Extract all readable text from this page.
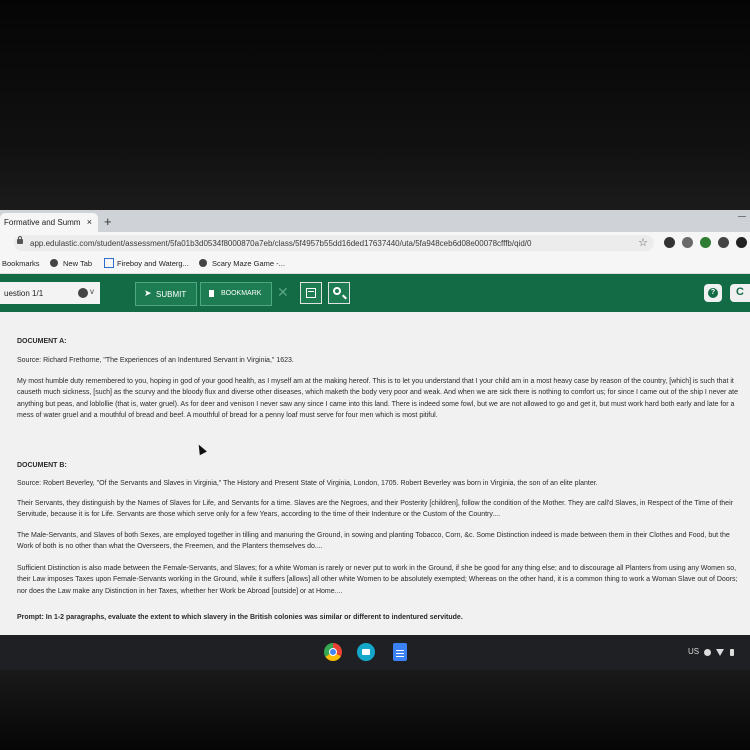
Formative and Summ × +
app.edulastic.com/student/assessment/5fa01b3d0534f8000870a7eb/class/5f4957b55dd16ded17637440/uta/5fa948ceb6d08e00078cfffb/qid/0	☆
Bookmarks	New Tab	Fireboy and Waterg...	Scary Maze Game -...
uestion 1/1	v	➤ SUBMIT	BOOKMARK ✕	? C
DOCUMENT A:
Source: Richard Frethorne, "The Experiences of an Indentured Servant in Virginia," 1623.
My most humble duty remembered to you, hoping in god of your good health, as I myself am at the making hereof. This is to let you understand that I your child am in a most heavy case by reason of the country, [which] is such that it causeth much sickness, [such] as the scurvy and the bloody flux and diverse other diseases, which maketh the body very poor and weak. And when we are sick there is nothing to comfort us; for since I came out of the ship I never ate anything but peas, and loblollie (that is, water gruel). As for deer and venison I never saw any since I came into this land. There is indeed some fowl, but we are not allowed to go and get it, but must work hard both early and late for a mess of water gruel and a mouthful of bread and beef. A mouthful of bread for a penny loaf must serve for four men which is most pitiful.
DOCUMENT B:
Source: Robert Beverley, "Of the Servants and Slaves in Virginia," The History and Present State of Virginia, London, 1705. Robert Beverley was born in Virginia, the son of an elite planter.
Their Servants, they distinguish by the Names of Slaves for Life, and Servants for a time. Slaves are the Negroes, and their Posterity [children], follow the condition of the Mother. They are call'd Slaves, in Respect of the Time of their Servitude, because it is for Life. Servants are those which serve only for a few Years, according to the time of their Indenture or the Custom of the Country....
The Male-Servants, and Slaves of both Sexes, are employed together in tilling and manuring the Ground, in sowing and planting Tobacco, Corn, &c. Some Distinction indeed is made between them in their Clothes and Food, but the Work of both is no other than what the Overseers, the Freemen, and the Planters themselves do....
Sufficient Distinction is also made between the Female-Servants, and Slaves; for a white Woman is rarely or never put to work in the Ground, if she be good for any thing else; and to discourage all Planters from using any Women so, their Law imposes Taxes upon Female-Servants working in the Ground, while it suffers [allows] all other white Women to be absolutely exempted; Whereas on the other hand, it is a common thing to work a Woman Slave out of Doors; nor does the Law make any Distinction in her Taxes, whether her Work be Abroad [outside] or at Home....
Prompt: In 1-2 paragraphs, evaluate the extent to which slavery in the British colonies was similar or different to indentured servitude.
US
